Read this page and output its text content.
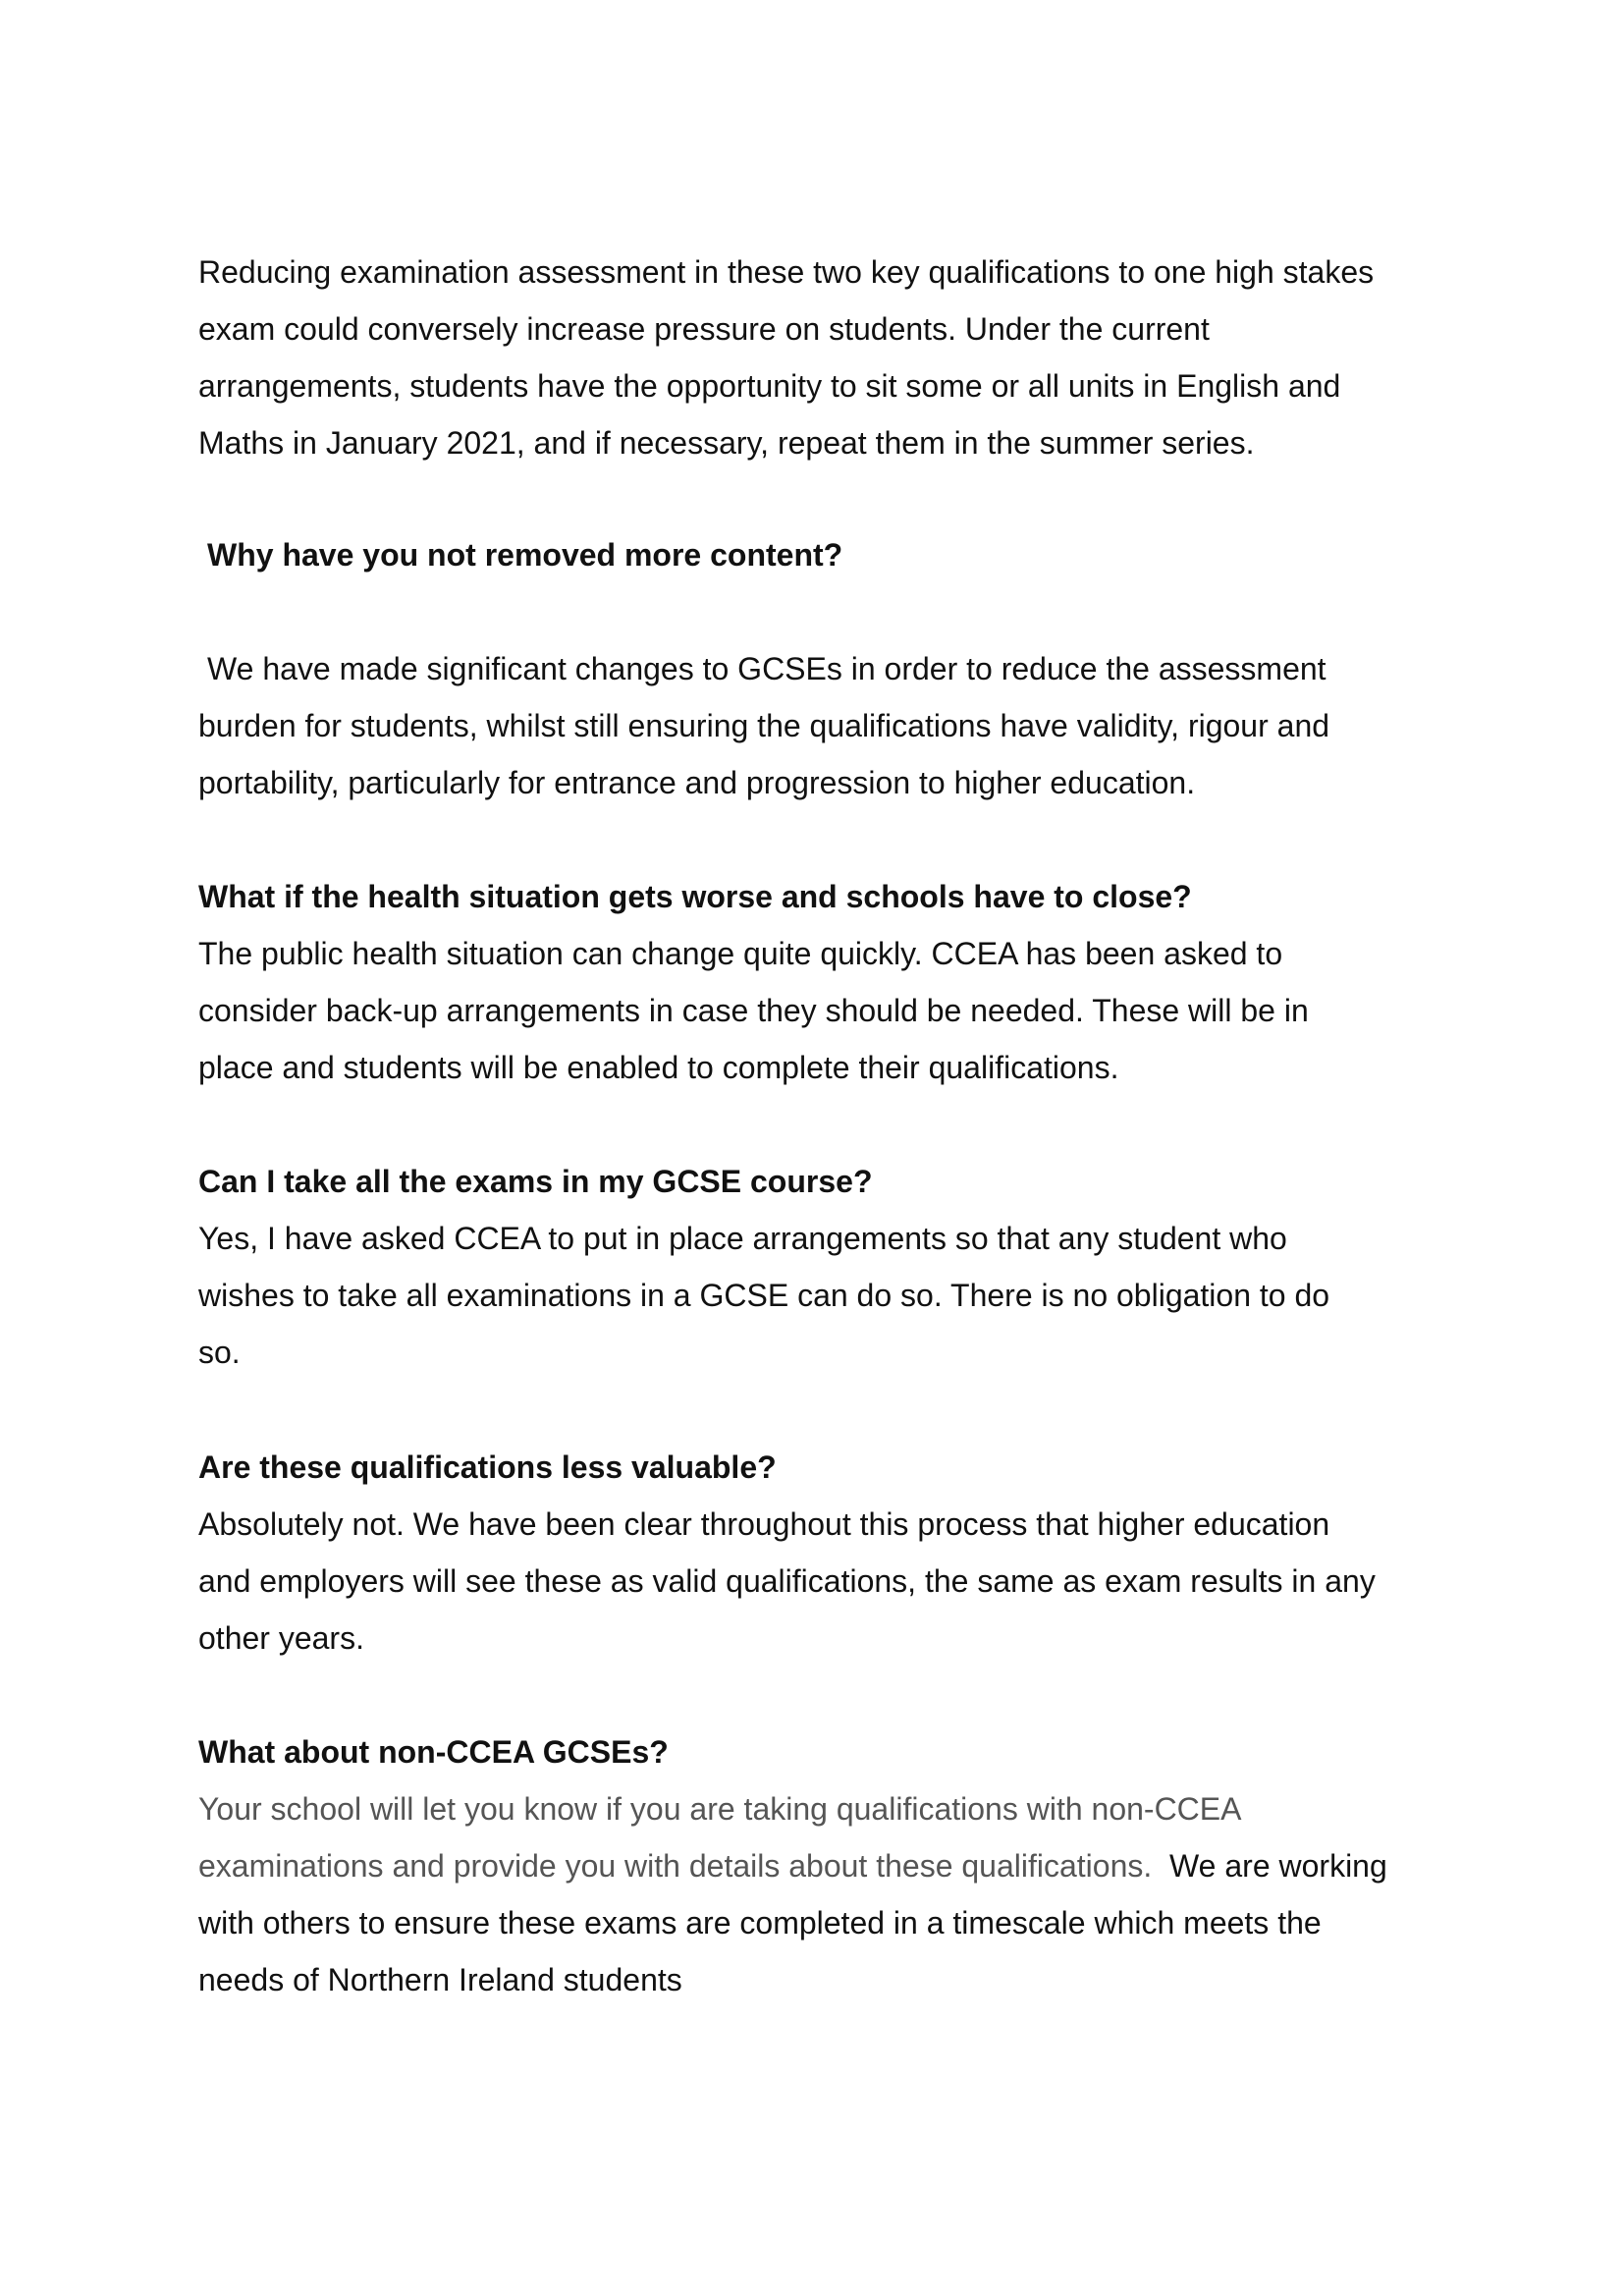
Reducing examination assessment in these two key qualifications to one high stakes
exam could conversely increase pressure on students. Under the current
arrangements, students have the opportunity to sit some or all units in English and
Maths in January 2021, and if necessary, repeat them in the summer series.
Why have you not removed more content?
We have made significant changes to GCSEs in order to reduce the assessment
burden for students, whilst still ensuring the qualifications have validity, rigour and
portability, particularly for entrance and progression to higher education.
What if the health situation gets worse and schools have to close?
The public health situation can change quite quickly. CCEA has been asked to
consider back-up arrangements in case they should be needed. These will be in
place and students will be enabled to complete their qualifications.
Can I take all the exams in my GCSE course?
Yes, I have asked CCEA to put in place arrangements so that any student who
wishes to take all examinations in a GCSE can do so. There is no obligation to do
so.
Are these qualifications less valuable?
Absolutely not. We have been clear throughout this process that higher education
and employers will see these as valid qualifications, the same as exam results in any
other years.
What about non-CCEA GCSEs?
Your school will let you know if you are taking qualifications with non-CCEA
examinations and provide you with details about these qualifications. We are working
with others to ensure these exams are completed in a timescale which meets the
needs of Northern Ireland students
